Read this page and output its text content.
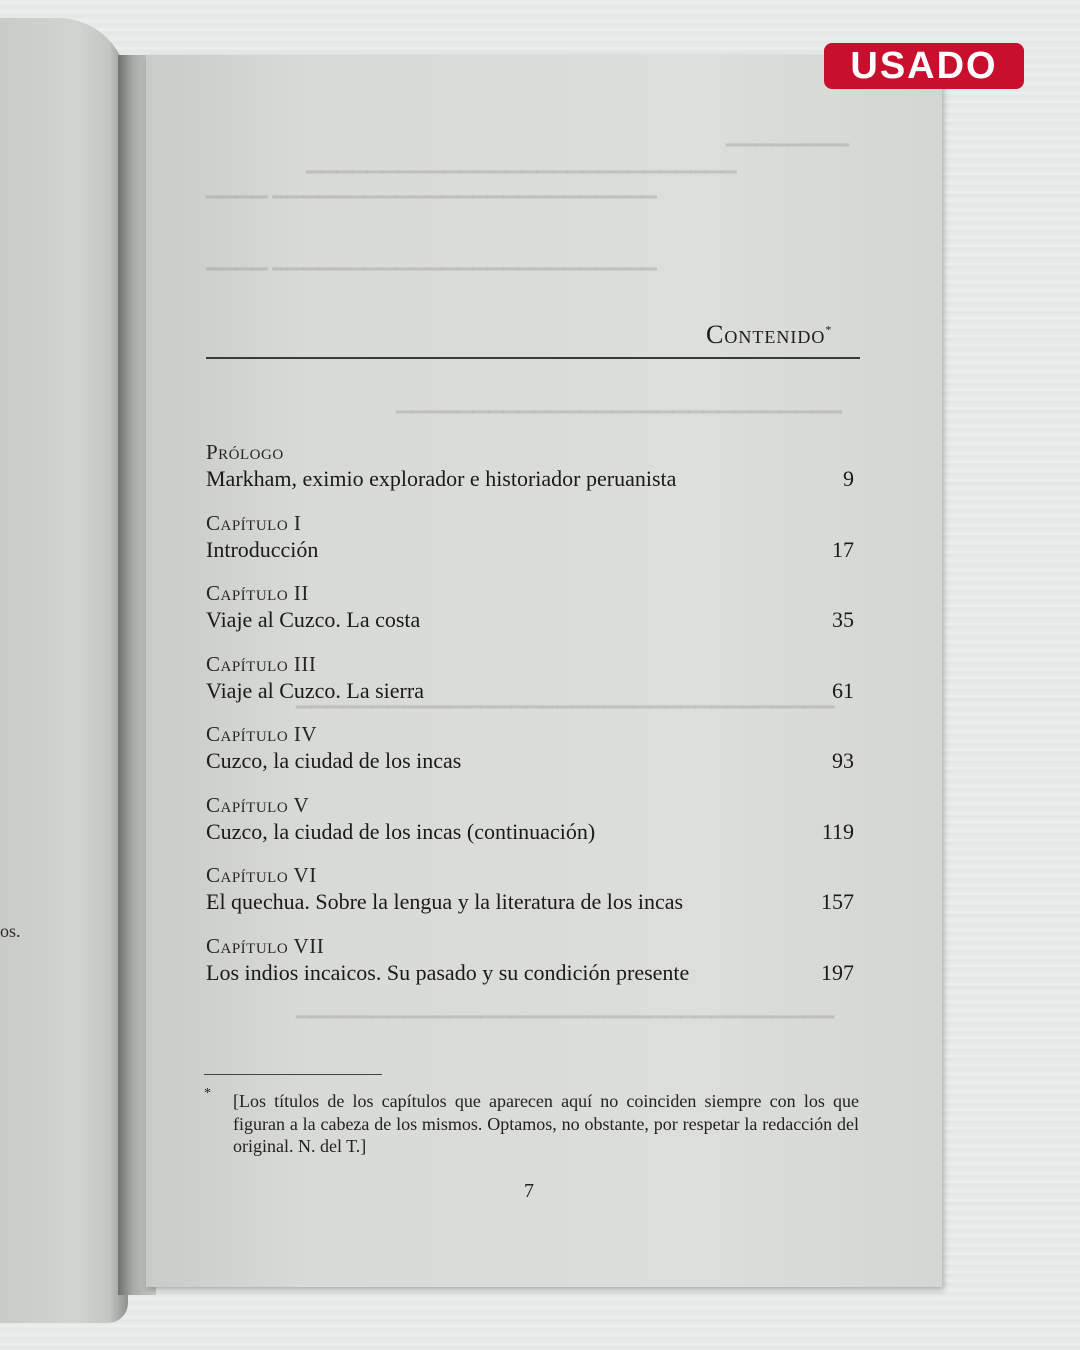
os.
▔▔▔▔▔▔▔▔
▔▔▔▔▔▔▔▔▔▔▔▔▔▔▔▔▔▔▔▔▔▔▔▔▔▔▔▔
▔▔▔▔ ▔▔▔▔▔▔▔▔▔▔▔▔▔▔▔▔▔▔▔▔▔▔▔▔▔
▔▔▔▔ ▔▔▔▔▔▔▔▔▔▔▔▔▔▔▔▔▔▔▔▔▔▔▔▔▔
▔▔▔▔▔▔▔▔▔▔▔▔▔▔▔▔▔▔▔▔▔▔▔▔▔▔▔▔▔
▔▔▔▔▔▔▔▔▔▔▔▔▔▔▔▔▔▔▔▔▔▔▔▔▔▔▔▔▔▔▔▔▔▔▔
▔▔▔▔▔▔▔▔▔▔▔▔▔▔▔▔▔▔▔▔▔▔▔▔▔▔▔▔▔▔▔▔▔▔▔
USADO
Contenido*
Prólogo
Markham, eximio explorador e historiador peruanista	9
Capítulo I
Introducción	17
Capítulo II
Viaje al Cuzco. La costa	35
Capítulo III
Viaje al Cuzco. La sierra	61
Capítulo IV
Cuzco, la ciudad de los incas	93
Capítulo V
Cuzco, la ciudad de los incas (continuación)	119
Capítulo VI
El quechua. Sobre la lengua y la literatura de los incas	157
Capítulo VII
Los indios incaicos. Su pasado y su condición presente	197
* [Los títulos de los capítulos que aparecen aquí no coinciden siempre con los que figuran a la cabeza de los mismos. Optamos, no obstante, por respetar la redacción del original. N. del T.]
7
